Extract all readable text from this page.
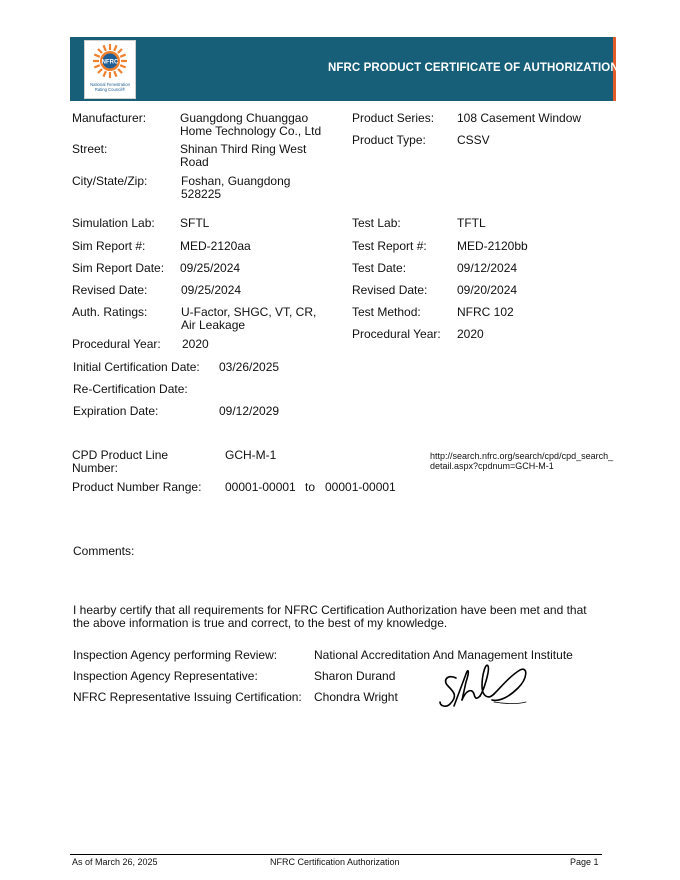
NFRC
National Fenestration
Rating Council®
NFRC PRODUCT CERTIFICATE OF AUTHORIZATION
Manufacturer:	Guangdong Chuanggao
Home Technology Co., Ltd
Street:	Shinan Third Ring West
Road
City/State/Zip:	Foshan, Guangdong
528225
Product Series: 108 Casement Window
Product Type:	CSSV
Simulation Lab: SFTL
Sim Report #:	MED-2120aa
Sim Report Date: 09/25/2024
Revised Date:	09/25/2024
Auth. Ratings:	U-Factor, SHGC, VT, CR,
Air Leakage
Procedural Year: 2020
Test Lab:	TFTL
Test Report #:	MED-2120bb
Test Date:	09/12/2024
Revised Date: 09/20/2024
Test Method:	NFRC 102
Procedural Year: 2020
Initial Certification Date: 03/26/2025
Re-Certification Date:
Expiration Date:	09/12/2029
CPD Product Line
Number:
GCH-M-1	http://search.nfrc.org/search/cpd/cpd_search_
detail.aspx?cpdnum=GCH-M-1
Product Number Range: 00001-00001 to 00001-00001
Comments:
I hearby certify that all requirements for NFRC Certification Authorization have been met and that the above information is true and correct, to the best of my knowledge.
Inspection Agency performing Review:	National Accreditation And Management Institute
Inspection Agency Representative:	Sharon Durand
NFRC Representative Issuing Certification: Chondra Wright
As of March 26, 2025	NFRC Certification Authorization	Page 1
